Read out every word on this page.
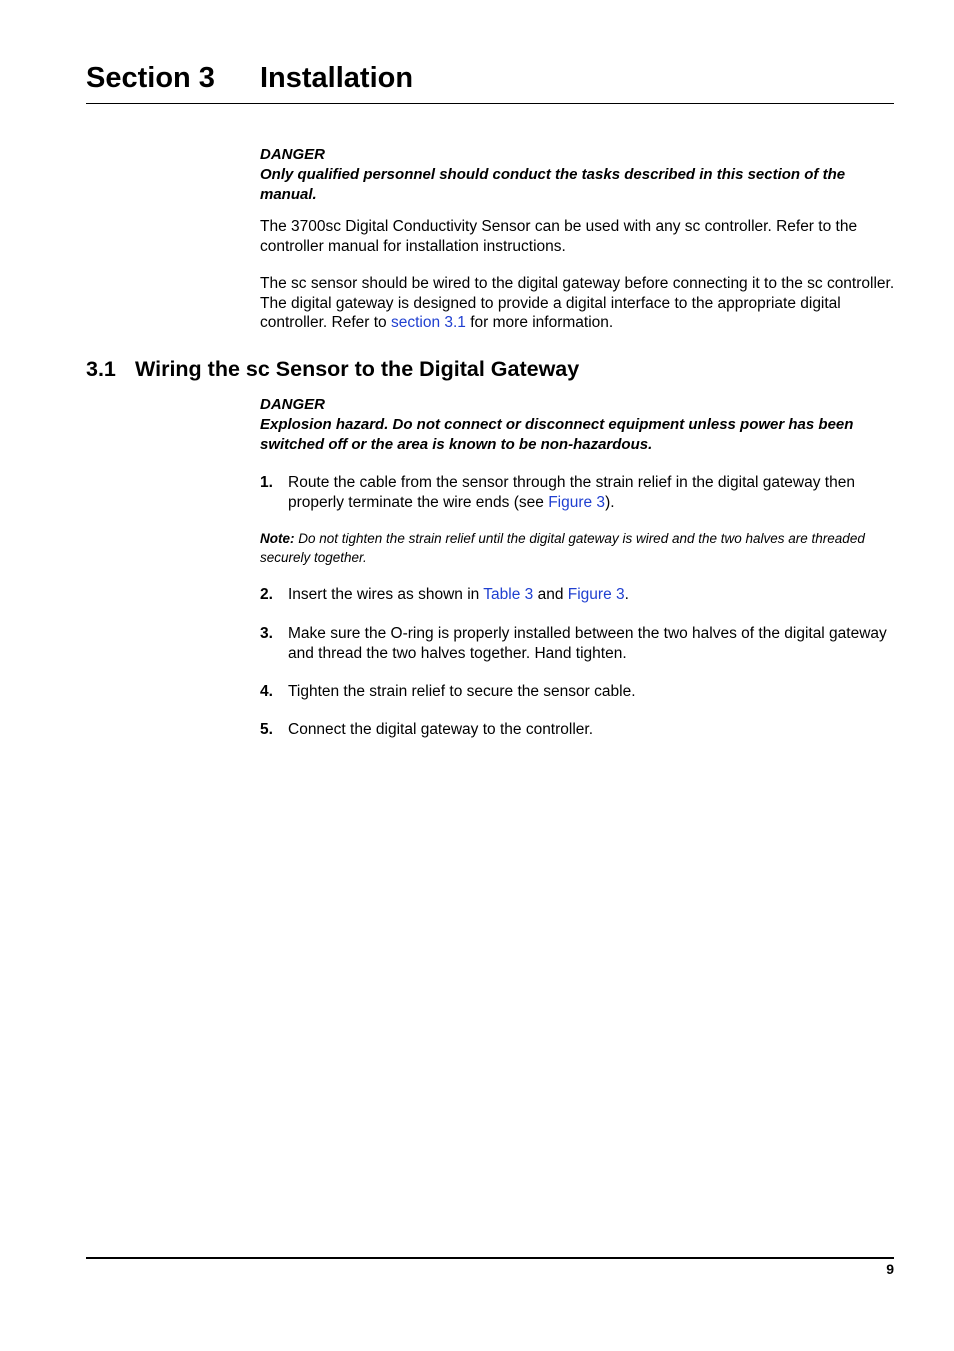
Section 3 Installation
DANGER
Only qualified personnel should conduct the tasks described in this section of the manual.
The 3700sc Digital Conductivity Sensor can be used with any sc controller. Refer to the controller manual for installation instructions.
The sc sensor should be wired to the digital gateway before connecting it to the sc controller. The digital gateway is designed to provide a digital interface to the appropriate digital controller. Refer to section 3.1 for more information.
3.1 Wiring the sc Sensor to the Digital Gateway
DANGER
Explosion hazard. Do not connect or disconnect equipment unless power has been switched off or the area is known to be non-hazardous.
1. Route the cable from the sensor through the strain relief in the digital gateway then properly terminate the wire ends (see Figure 3).
Note: Do not tighten the strain relief until the digital gateway is wired and the two halves are threaded securely together.
2. Insert the wires as shown in Table 3 and Figure 3.
3. Make sure the O-ring is properly installed between the two halves of the digital gateway and thread the two halves together. Hand tighten.
4. Tighten the strain relief to secure the sensor cable.
5. Connect the digital gateway to the controller.
9
